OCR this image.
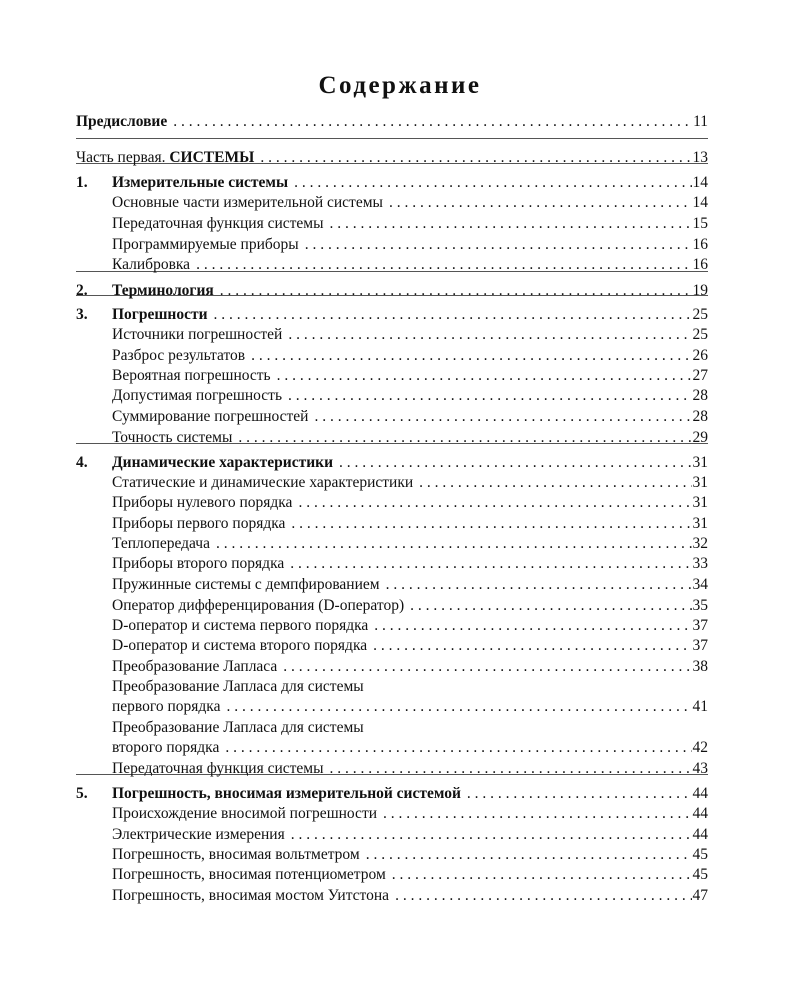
Содержание
Предисловие . . .	11
Часть первая. СИСТЕМЫ . . .	13
1.	Измерительные системы . . .	14
Основные части измерительной системы . . .	14
Передаточная функция системы . . .	15
Программируемые приборы . . .	16
Калибровка . . .	16
2.	Терминология . . .	19
3.	Погрешности . . .	25
Источники погрешностей . . .	25
Разброс результатов . . .	26
Вероятная погрешность . . .	27
Допустимая погрешность . . .	28
Суммирование погрешностей . . .	28
Точность системы . . .	29
4.	Динамические характеристики . . .	31
Статические и динамические характеристики . . .	31
Приборы нулевого порядка . . .	31
Приборы первого порядка . . .	31
Теплопередача . . .	32
Приборы второго порядка . . .	33
Пружинные системы с демпфированием . . .	34
Оператор дифференцирования (D-оператор) . . .	35
D-оператор и система первого порядка . . .	37
D-оператор и система второго порядка . . .	37
Преобразование Лапласа . . .	38
Преобразование Лапласа для системы
первого порядка . . .	41
Преобразование Лапласа для системы
второго порядка . . .	42
Передаточная функция системы . . .	43
5.	Погрешность, вносимая измерительной системой . . .	44
Происхождение вносимой погрешности . . .	44
Электрические измерения . . .	44
Погрешность, вносимая вольтметром . . .	45
Погрешность, вносимая потенциометром . . .	45
Погрешность, вносимая мостом Уитстона . . .	47
